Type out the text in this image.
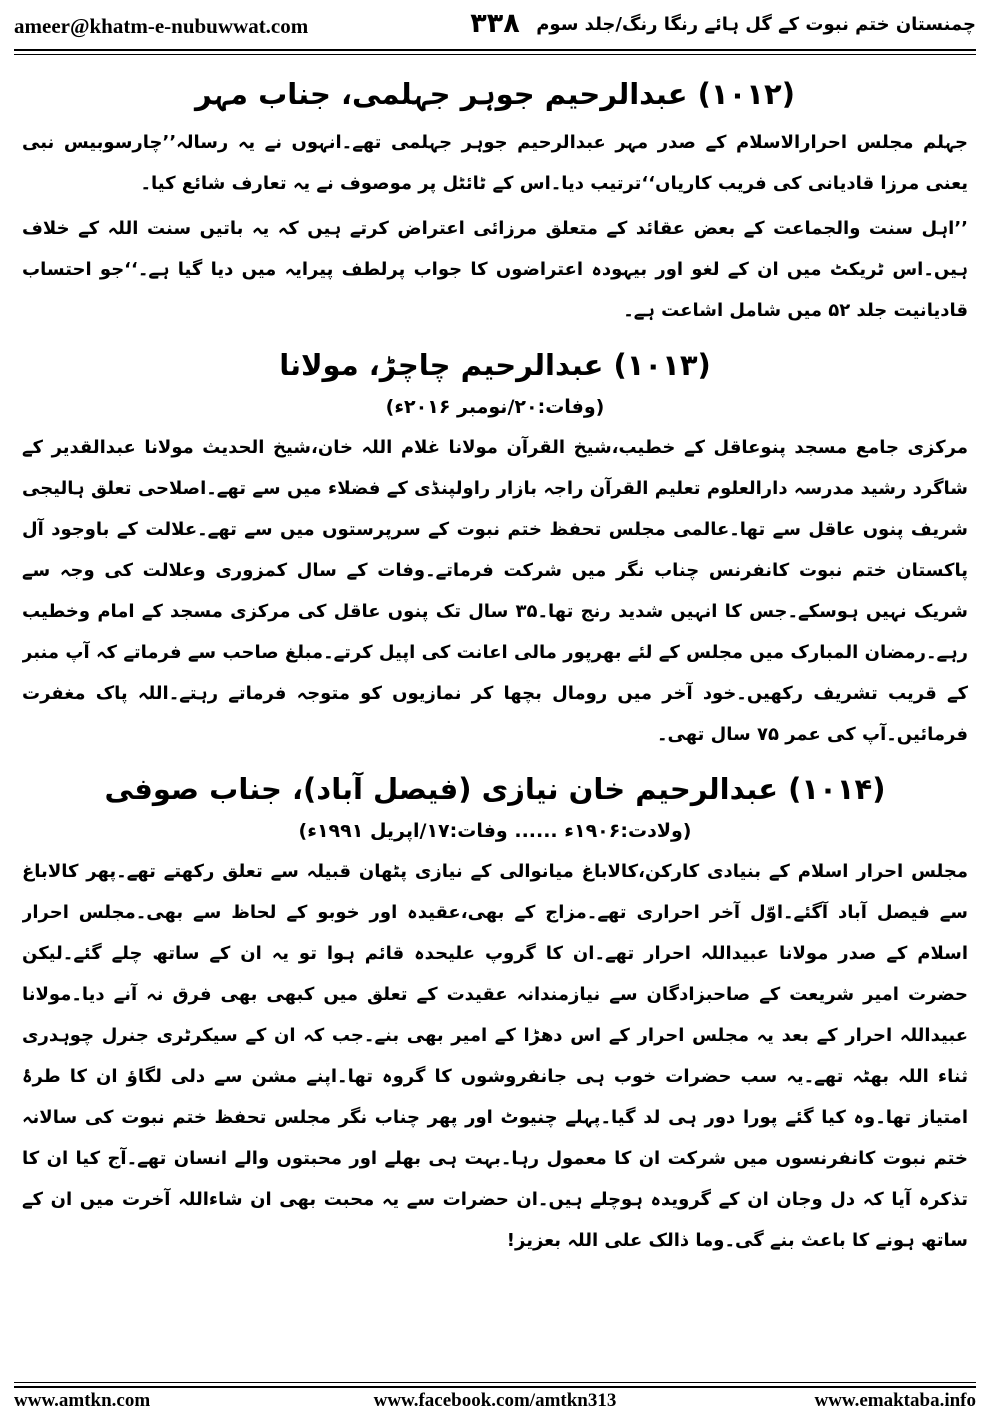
ameer@khatm-e-nubuwwat.com	۳۳۸ چمنستان ختم نبوت کے گل ہائے رنگا رنگ/جلد سوم
(۱۰۱۲) عبدالرحیم جوہر جہلمی، جناب مہر

جہلم مجلس احرارالاسلام کے صدر مہر عبدالرحیم جوہر جہلمی تھے۔انہوں نے یہ رسالہ’’چارسوبیس نبی یعنی مرزا قادیانی کی فریب کاریاں‘‘ترتیب دیا۔اس کے ٹائٹل پر موصوف نے یہ تعارف شائع کیا۔

’’اہل سنت والجماعت کے بعض عقائد کے متعلق مرزائی اعتراض کرتے ہیں کہ یہ باتیں سنت اللہ کے خلاف ہیں۔اس ٹریکٹ میں ان کے لغو اور بیہودہ اعتراضوں کا جواب پرلطف پیرایہ میں دیا گیا ہے۔‘‘جو احتساب قادیانیت جلد ۵۲ میں شامل اشاعت ہے۔

(۱۰۱۳) عبدالرحیم چاچڑ، مولانا
(وفات:۲۰/نومبر ۲۰۱۶ء)

مرکزی جامع مسجد پنوعاقل کے خطیب،شیخ القرآن مولانا غلام اللہ خان،شیخ الحدیث مولانا عبدالقدیر کے شاگرد رشید مدرسہ دارالعلوم تعلیم القرآن راجہ بازار راولپنڈی کے فضلاء میں سے تھے۔اصلاحی تعلق ہالیجی شریف پنوں عاقل سے تھا۔عالمی مجلس تحفظ ختم نبوت کے سرپرستوں میں سے تھے۔علالت کے باوجود آل پاکستان ختم نبوت کانفرنس چناب نگر میں شرکت فرماتے۔وفات کے سال کمزوری وعلالت کی وجہ سے شریک نہیں ہوسکے۔جس کا انہیں شدید رنج تھا۔۳۵ سال تک پنوں عاقل کی مرکزی مسجد کے امام وخطیب رہے۔رمضان المبارک میں مجلس کے لئے بھرپور مالی اعانت کی اپیل کرتے۔مبلغ صاحب سے فرماتے کہ آپ منبر کے قریب تشریف رکھیں۔خود آخر میں رومال بچھا کر نمازیوں کو متوجہ فرماتے رہتے۔اللہ پاک مغفرت فرمائیں۔آپ کی عمر ۷۵ سال تھی۔

(۱۰۱۴) عبدالرحیم خان نیازی (فیصل آباد)، جناب صوفی
(ولادت:۱۹۰۶ء ...... وفات:۱۷/اپریل ۱۹۹۱ء)

مجلس احرار اسلام کے بنیادی کارکن،کالاباغ میانوالی کے نیازی پٹھان قبیلہ سے تعلق رکھتے تھے۔پھر کالاباغ سے فیصل آباد آگئے۔اوّل آخر احراری تھے۔مزاج کے بھی،عقیدہ اور خوبو کے لحاظ سے بھی۔مجلس احرار اسلام کے صدر مولانا عبیداللہ احرار تھے۔ان کا گروپ علیحدہ قائم ہوا تو یہ ان کے ساتھ چلے گئے۔لیکن حضرت امیر شریعت کے صاحبزادگان سے نیازمندانہ عقیدت کے تعلق میں کبھی بھی فرق نہ آنے دیا۔مولانا عبیداللہ احرار کے بعد یہ مجلس احرار کے اس دھڑا کے امیر بھی بنے۔جب کہ ان کے سیکرٹری جنرل چوہدری ثناء اللہ بھٹہ تھے۔یہ سب حضرات خوب ہی جانفروشوں کا گروہ تھا۔اپنے مشن سے دلی لگاؤ ان کا طرۂ امتیاز تھا۔وہ کیا گئے پورا دور ہی لد گیا۔پہلے چنیوٹ اور پھر چناب نگر مجلس تحفظ ختم نبوت کی سالانہ ختم نبوت کانفرنسوں میں شرکت ان کا معمول رہا۔بہت ہی بھلے اور محبتوں والے انسان تھے۔آج کیا ان کا تذکرہ آیا کہ دل وجان ان کے گرویدہ ہوچلے ہیں۔ان حضرات سے یہ محبت بھی ان شاءاللہ آخرت میں ان کے ساتھ ہونے کا باعث بنے گی۔وما ذالک علی اللہ بعزیز!

www.amtkn.com	www.facebook.com/amtkn313	www.emaktaba.info
